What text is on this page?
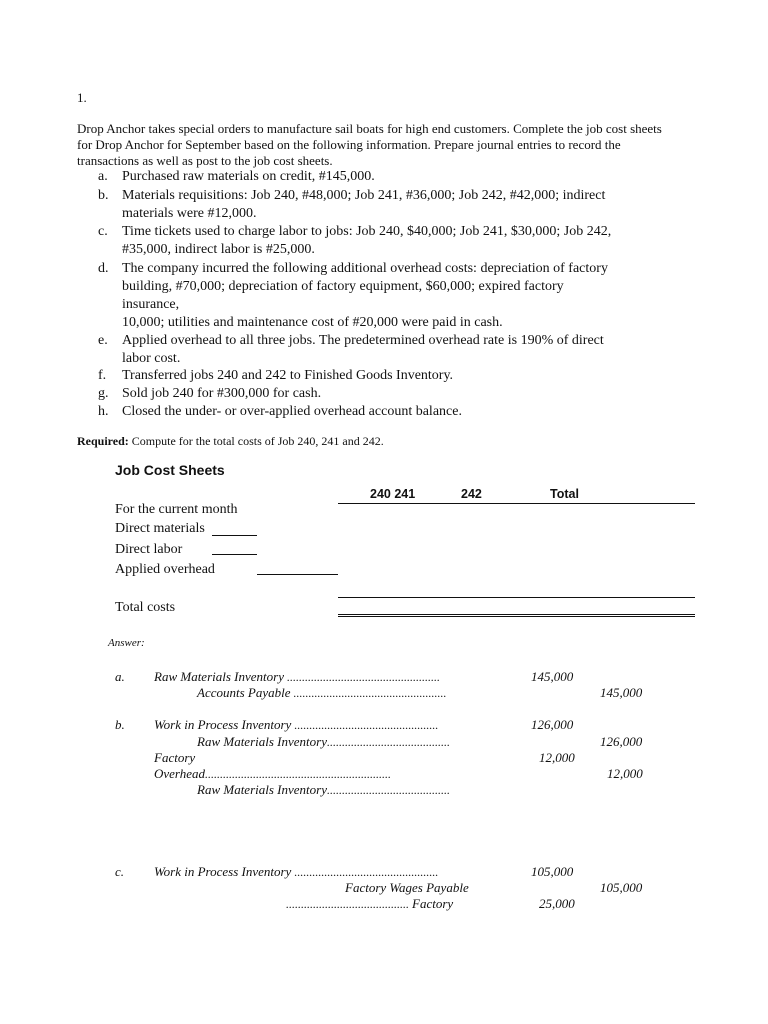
1.
Drop Anchor takes special orders to manufacture sail boats for high end customers. Complete the job cost sheets
for Drop Anchor for September based on the following information. Prepare journal entries to record the
transactions as well as post to the job cost sheets.
a. Purchased raw materials on credit, #145,000.
b. Materials requisitions: Job 240, #48,000; Job 241, #36,000; Job 242, #42,000; indirect
materials were #12,000.
c. Time tickets used to charge labor to jobs: Job 240, $40,000; Job 241, $30,000; Job 242,
#35,000, indirect labor is #25,000.
d. The company incurred the following additional overhead costs: depreciation of factory
building, #70,000; depreciation of factory equipment, $60,000; expired factory
insurance,
10,000; utilities and maintenance cost of #20,000 were paid in cash.
e. Applied overhead to all three jobs. The predetermined overhead rate is 190% of direct
labor cost.
f. Transferred jobs 240 and 242 to Finished Goods Inventory.
g. Sold job 240 for #300,000 for cash.
h. Closed the under- or over-applied overhead account balance.
Required: Compute for the total costs of Job 240, 241 and 242.
Job Cost Sheets
240 241	242	Total
For the current month
Direct materials
Direct labor
Applied overhead
Total costs
Answer:
a. Raw Materials Inventory ...................................................	145,000
Accounts Payable ...................................................	145,000
b. Work in Process Inventory ................................................	126,000
Raw Materials Inventory.........................................	126,000
Factory	12,000
Overhead..............................................................	12,000
Raw Materials Inventory.........................................
c. Work in Process Inventory ................................................	105,000
Factory Wages Payable	105,000
......................................... Factory	25,000
